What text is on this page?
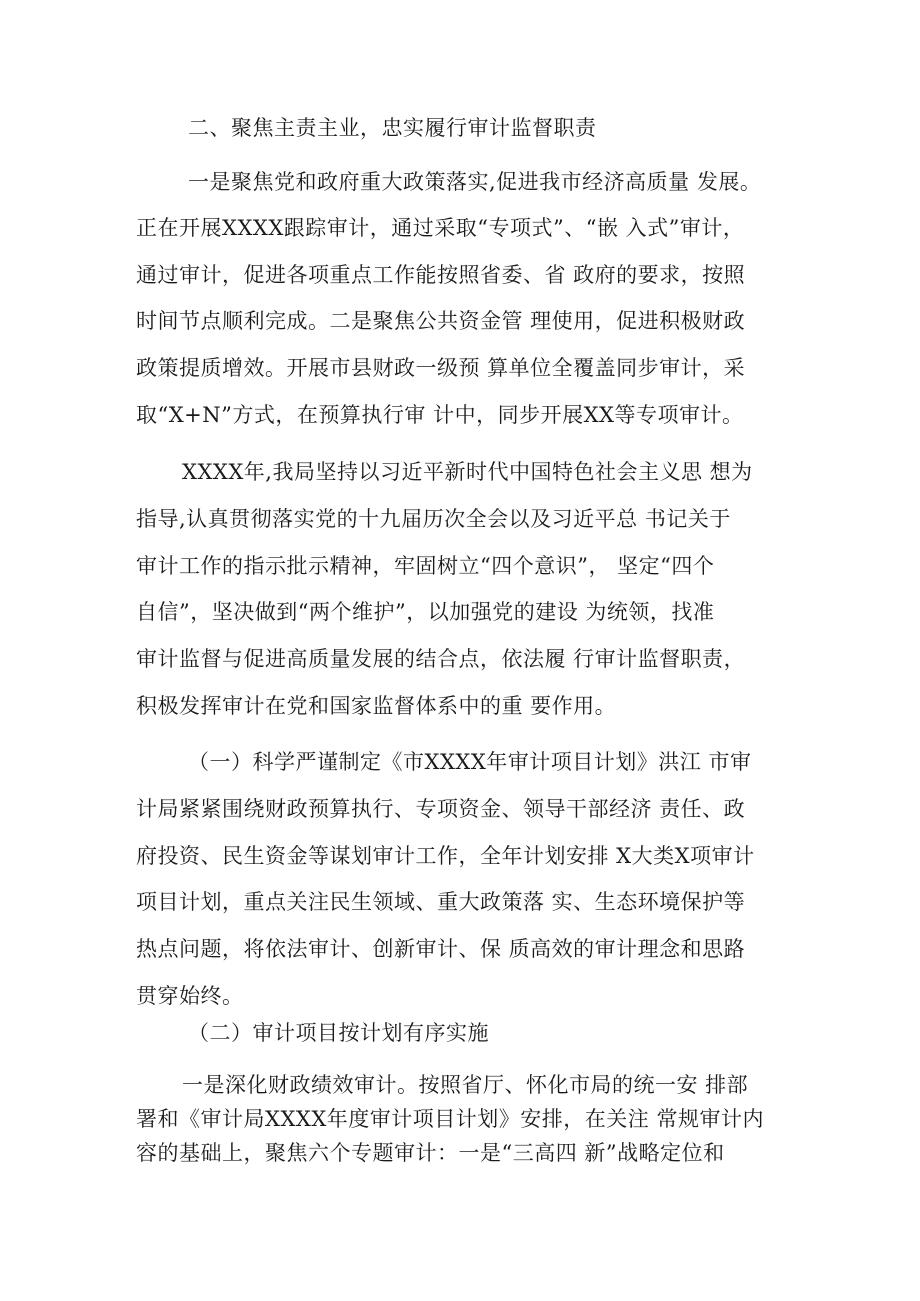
二、聚焦主责主业，忠实履行审计监督职责
一是聚焦党和政府重大政策落实,促进我市经济高质量 发展。
正在开展XXXX跟踪审计，通过采取“专项式”、“嵌 入式”审计，
通过审计，促进各项重点工作能按照省委、省 政府的要求，按照
时间节点顺利完成。二是聚焦公共资金管 理使用，促进积极财政
政策提质增效。开展市县财政一级预 算单位全覆盖同步审计，采
取“X+N”方式，在预算执行审 计中，同步开展XX等专项审计。
XXXX年,我局坚持以习近平新时代中国特色社会主义思 想为
指导,认真贯彻落实党的十九届历次全会以及习近平总 书记关于
审计工作的指示批示精神，牢固树立“四个意识”， 坚定“四个
自信”，坚决做到“两个维护”，以加强党的建设 为统领，找准
审计监督与促进高质量发展的结合点，依法履 行审计监督职责，
积极发挥审计在党和国家监督体系中的重 要作用。
（一）科学严谨制定《市XXXX年审计项目计划》洪江 市审
计局紧紧围绕财政预算执行、专项资金、领导干部经济 责任、政
府投资、民生资金等谋划审计工作，全年计划安排 X大类X项审计
项目计划，重点关注民生领域、重大政策落 实、生态环境保护等
热点问题，将依法审计、创新审计、保 质高效的审计理念和思路
贯穿始终。
（二）审计项目按计划有序实施
一是深化财政绩效审计。按照省厅、怀化市局的统一安 排部
署和《审计局XXXX年度审计项目计划》安排，在关注 常规审计内
容的基础上，聚焦六个专题审计：一是“三高四 新”战略定位和
